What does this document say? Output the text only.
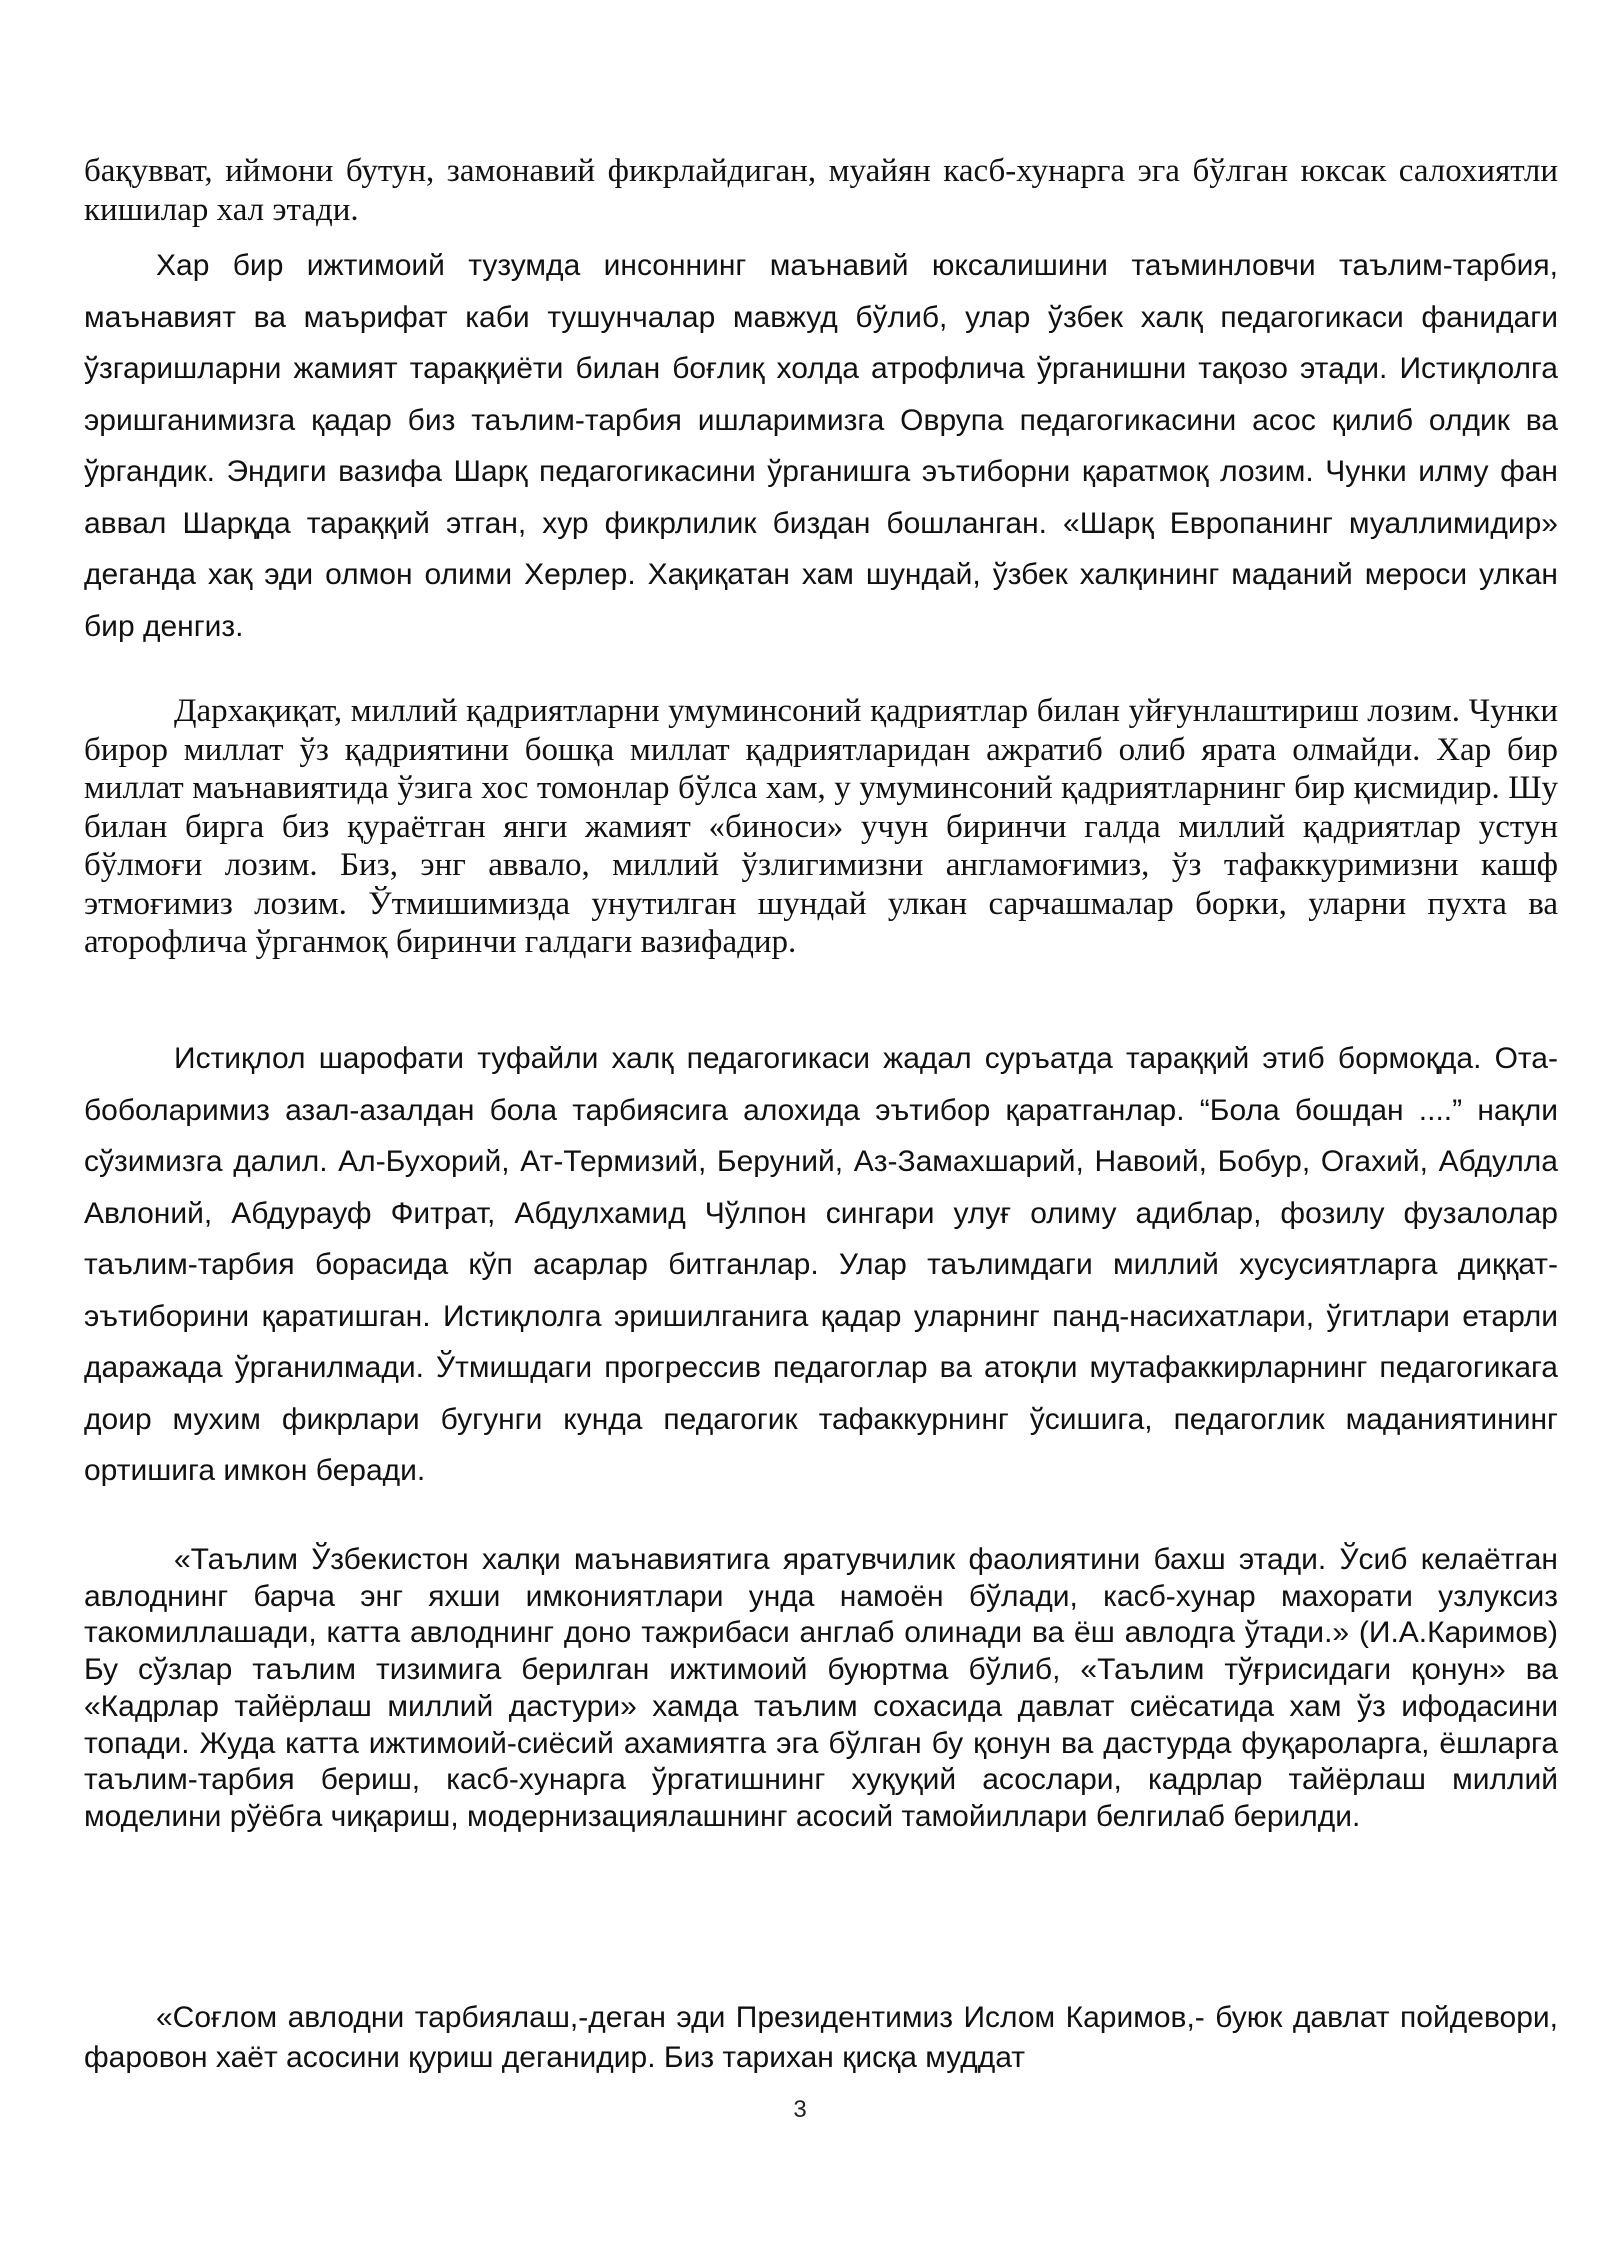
бақувват, иймони бутун, замонавий фикрлайдиган, муайян касб-хунарга эга бўлган юксак салохиятли кишилар хал этади.

Хар бир ижтимоий тузумда инсоннинг маънавий юксалишини таъминловчи таълим-тарбия, маънавият ва маърифат каби тушунчалар мавжуд бўлиб, улар ўзбек халқ педагогикаси фанидаги ўзгаришларни жамият тараққиёти билан боғлиқ холда атрофлича ўрганишни тақозо этади. Истиқлолга эришганимизга қадар биз таълим-тарбия ишларимизга Оврупа педагогикасини асос қилиб олдик ва ўргандик. Эндиги вазифа Шарқ педагогикасини ўрганишга эътиборни қаратмоқ лозим. Чунки илму фан аввал Шарқда тараққий этган, хур фикрлилик биздан бошланган. «Шарқ Европанинг муаллимидир» деганда хақ эди олмон олими Херлер. Хақиқатан хам шундай, ўзбек халқининг маданий мероси улкан бир денгиз.

Дархақиқат, миллий қадриятларни умуминсоний қадриятлар билан уйғунлаштириш лозим. Чунки бирор миллат ўз қадриятини бошқа миллат қадриятларидан ажратиб олиб ярата олмайди. Хар бир миллат маънавиятида ўзига хос томонлар бўлса хам, у умуминсоний қадриятларнинг бир қисмидир. Шу билан бирга биз қураётган янги жамият «биноси» учун биринчи галда миллий қадриятлар устун бўлмоғи лозим. Биз, энг аввало, миллий ўзлигимизни англамоғимиз, ўз тафаккуримизни кашф этмоғимиз лозим. Ўтмишимизда унутилган шундай улкан сарчашмалар борки, уларни пухта ва аторофлича ўрганмоқ биринчи галдаги вазифадир.

Истиқлол шарофати туфайли халқ педагогикаси жадал суръатда тараққий этиб бормоқда. Ота-боболаримиз азал-азалдан бола тарбиясига алохида эътибор қаратганлар. “Бола бошдан ....” нақли сўзимизга далил. Ал-Бухорий, Ат-Термизий, Беруний, Аз-Замахшарий, Навоий, Бобур, Огахий, Абдулла Авлоний, Абдурауф Фитрат, Абдулхамид Чўлпон сингари улуғ олиму адиблар, фозилу фузалолар таълим-тарбия борасида кўп асарлар битганлар. Улар таълимдаги миллий хусусиятларга диққат-эътиборини қаратишган. Истиқлолга эришилганига қадар уларнинг панд-насихатлари, ўгитлари етарли даражада ўрганилмади. Ўтмишдаги прогрессив педагоглар ва атоқли мутафаккирларнинг педагогикага доир мухим фикрлари бугунги кунда педагогик тафаккурнинг ўсишига, педагоглик маданиятининг ортишига имкон беради.

«Таълим Ўзбекистон халқи маънавиятига яратувчилик фаолиятини бахш этади. Ўсиб келаётган авлоднинг барча энг яхши имкониятлари унда намоён бўлади, касб-хунар махорати узлуксиз такомиллашади, катта авлоднинг доно тажрибаси англаб олинади ва ёш авлодга ўтади.» (И.А.Каримов) Бу сўзлар таълим тизимига берилган ижтимоий буюртма бўлиб, «Таълим тўғрисидаги қонун» ва «Кадрлар тайёрлаш миллий дастури» хамда таълим сохасида давлат сиёсатида хам ўз ифодасини топади. Жуда катта ижтимоий-сиёсий ахамиятга эга бўлган бу қонун ва дастурда фуқароларга, ёшларга таълим-тарбия бериш, касб-хунарга ўргатишнинг хуқуқий асослари, кадрлар тайёрлаш миллий моделини рўёбга чиқариш, модернизациялашнинг асосий тамойиллари белгилаб берилди.

«Соғлом авлодни тарбиялаш,-деган эди Президентимиз Ислом Каримов,- буюк давлат пойдевори, фаровон хаёт асосини қуриш деганидир. Биз тарихан қисқа муддат

3
